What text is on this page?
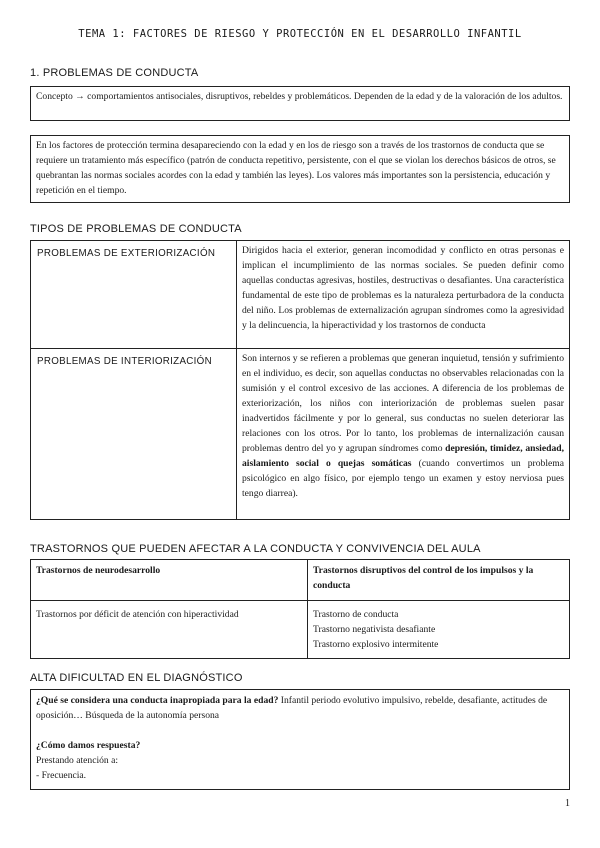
TEMA 1: FACTORES DE RIESGO Y PROTECCIÓN EN EL DESARROLLO INFANTIL
1. PROBLEMAS DE CONDUCTA

Concepto → comportamientos antisociales, disruptivos, rebeldes y problemáticos. Dependen de la edad y de la valoración de los adultos.

En los factores de protección termina desapareciendo con la edad y en los de riesgo son a través de los trastornos de conducta que se requiere un tratamiento más específico (patrón de conducta repetitivo, persistente, con el que se violan los derechos básicos de otros, se quebrantan las normas sociales acordes con la edad y también las leyes). Los valores más importantes son la persistencia, educación y repetición en el tiempo.

TIPOS DE PROBLEMAS DE CONDUCTA
PROBLEMAS DE EXTERIORIZACIÓN	Dirigidos hacia el exterior, generan incomodidad y conflicto en otras personas e implican el incumplimiento de las normas sociales. Se pueden definir como aquellas conductas agresivas, hostiles, destructivas o desafiantes. Una característica fundamental de este tipo de problemas es la naturaleza perturbadora de la conducta del niño. Los problemas de externalización agrupan síndromes como la agresividad y la delincuencia, la hiperactividad y los trastornos de conducta
PROBLEMAS DE INTERIORIZACIÓN	Son internos y se refieren a problemas que generan inquietud, tensión y sufrimiento en el individuo, es decir, son aquellas conductas no observables relacionadas con la sumisión y el control excesivo de las acciones. A diferencia de los problemas de exteriorización, los niños con interiorización de problemas suelen pasar inadvertidos fácilmente y por lo general, sus conductas no suelen deteriorar las relaciones con los otros. Por lo tanto, los problemas de internalización causan problemas dentro del yo y agrupan síndromes como depresión, timidez, ansiedad, aislamiento social o quejas somáticas (cuando convertimos un problema psicológico en algo físico, por ejemplo tengo un examen y estoy nerviosa pues tengo diarrea).
TRASTORNOS QUE PUEDEN AFECTAR A LA CONDUCTA Y CONVIVENCIA DEL AULA
Trastornos de neurodesarrollo	Trastornos disruptivos del control de los impulsos y la conducta
Trastornos por déficit de atención con hiperactividad	Trastorno de conducta
Trastorno negativista desafiante
Trastorno explosivo intermitente
ALTA DIFICULTAD EN EL DIAGNÓSTICO

¿Qué se considera una conducta inapropiada para la edad? Infantil periodo evolutivo impulsivo, rebelde, desafiante, actitudes de oposición… Búsqueda de la autonomía persona

¿Cómo damos respuesta?

Prestando atención a:

- Frecuencia.

1
